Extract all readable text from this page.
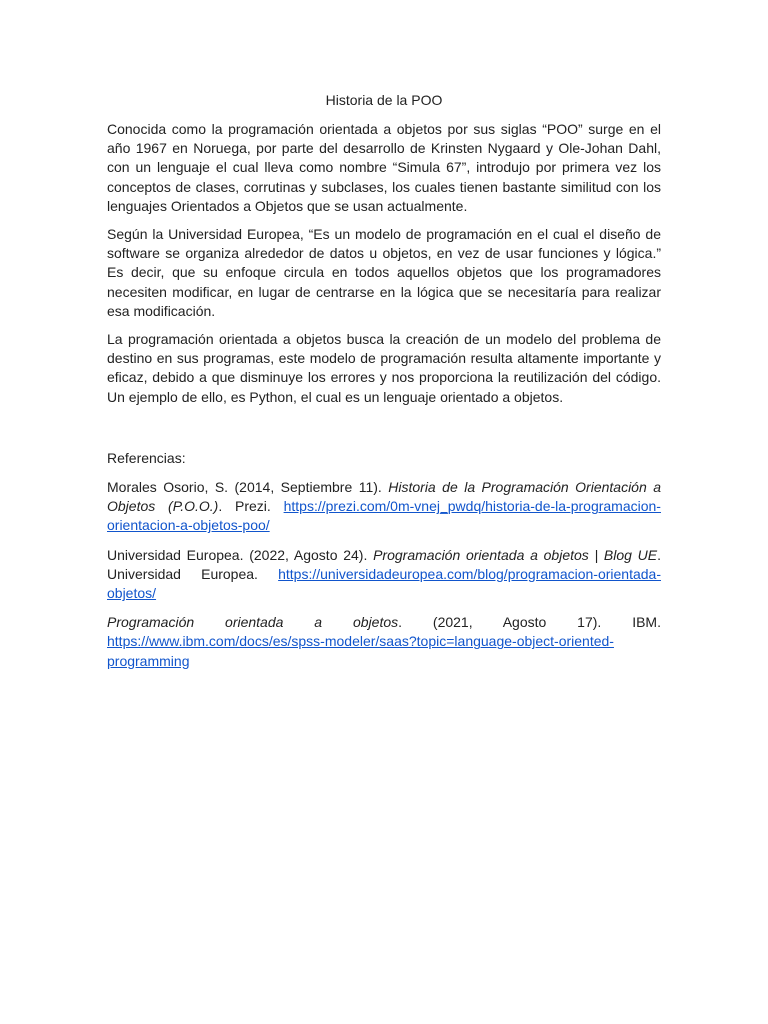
Historia de la POO

Conocida como la programación orientada a objetos por sus siglas “POO” surge en el año 1967 en Noruega, por parte del desarrollo de Krinsten Nygaard y Ole-Johan Dahl, con un lenguaje el cual lleva como nombre “Simula 67”, introdujo por primera vez los conceptos de clases, corrutinas y subclases, los cuales tienen bastante similitud con los lenguajes Orientados a Objetos que se usan actualmente.

Según la Universidad Europea, “Es un modelo de programación en el cual el diseño de software se organiza alrededor de datos u objetos, en vez de usar funciones y lógica.” Es decir, que su enfoque circula en todos aquellos objetos que los programadores necesiten modificar, en lugar de centrarse en la lógica que se necesitaría para realizar esa modificación.

La programación orientada a objetos busca la creación de un modelo del problema de destino en sus programas, este modelo de programación resulta altamente importante y eficaz, debido a que disminuye los errores y nos proporciona la reutilización del código. Un ejemplo de ello, es Python, el cual es un lenguaje orientado a objetos.

Referencias:

Morales Osorio, S. (2014, Septiembre 11). Historia de la Programación Orientación a Objetos (P.O.O.). Prezi. https://prezi.com/0m-vnej_pwdq/historia-de-la-programacion-orientacion-a-objetos-poo/

Universidad Europea. (2022, Agosto 24). Programación orientada a objetos | Blog UE. Universidad Europea. https://universidadeuropea.com/blog/programacion-orientada-objetos/

Programación orientada a objetos. (2021, Agosto 17). IBM. https://www.ibm.com/docs/es/spss-modeler/saas?topic=language-object-oriented-programming
